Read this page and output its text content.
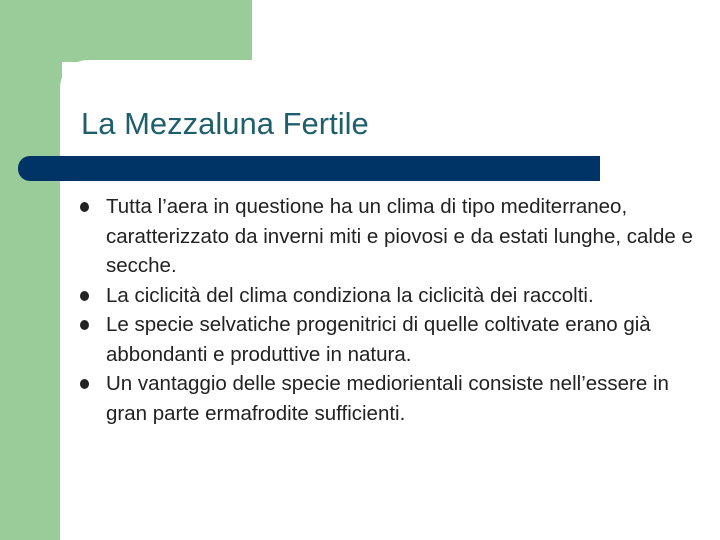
La Mezzaluna Fertile
Tutta l’aera in questione ha un clima di tipo mediterraneo, caratterizzato da inverni miti e piovosi e da estati lunghe, calde e secche.
La ciclicità del clima condiziona la ciclicità dei raccolti.
Le specie selvatiche progenitrici di quelle coltivate erano già abbondanti e produttive in natura.
Un vantaggio delle specie mediorientali consiste nell’essere in gran parte ermafrodite sufficienti.
